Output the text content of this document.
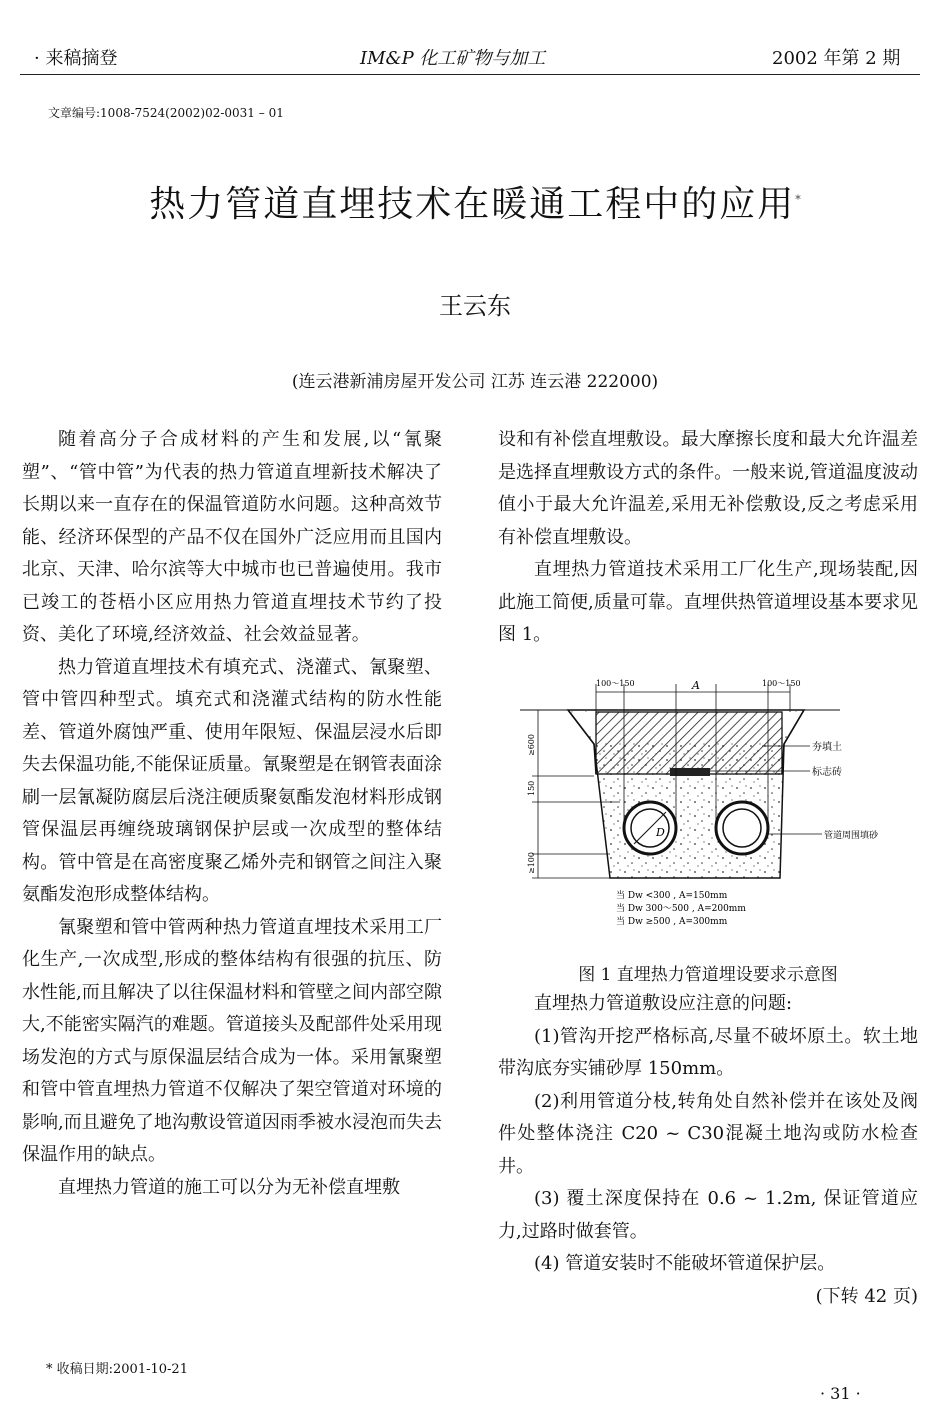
· 来稿摘登	IM&P 化工矿物与加工	2002 年第 2 期
文章编号:1008-7524(2002)02-0031 – 01
热力管道直埋技术在暖通工程中的应用*
王云东
(连云港新浦房屋开发公司 江苏 连云港 222000)

随着高分子合成材料的产生和发展,以“氰聚塑”、“管中管”为代表的热力管道直埋新技术解决了长期以来一直存在的保温管道防水问题。这种高效节能、经济环保型的产品不仅在国外广泛应用而且国内北京、天津、哈尔滨等大中城市也已普遍使用。我市已竣工的苍梧小区应用热力管道直埋技术节约了投资、美化了环境,经济效益、社会效益显著。

热力管道直埋技术有填充式、浇灌式、氰聚塑、管中管四种型式。填充式和浇灌式结构的防水性能差、管道外腐蚀严重、使用年限短、保温层浸水后即失去保温功能,不能保证质量。氰聚塑是在钢管表面涂刷一层氰凝防腐层后浇注硬质聚氨酯发泡材料形成钢管保温层再缠绕玻璃钢保护层或一次成型的整体结构。管中管是在高密度聚乙烯外壳和钢管之间注入聚氨酯发泡形成整体结构。

氰聚塑和管中管两种热力管道直埋技术采用工厂化生产,一次成型,形成的整体结构有很强的抗压、防水性能,而且解决了以往保温材料和管壁之间内部空隙大,不能密实隔汽的难题。管道接头及配部件处采用现场发泡的方式与原保温层结合成为一体。采用氰聚塑和管中管直埋热力管道不仅解决了架空管道对环境的影响,而且避免了地沟敷设管道因雨季被水浸泡而失去保温作用的缺点。

直埋热力管道的施工可以分为无补偿直埋敷

设和有补偿直埋敷设。最大摩擦长度和最大允许温差是选择直埋敷设方式的条件。一般来说,管道温度波动值小于最大允许温差,采用无补偿敷设,反之考虑采用有补偿直埋敷设。

直埋热力管道技术采用工厂化生产,现场装配,因此施工简便,质量可靠。直埋供热管道埋设基本要求见图 1。

D
100～150	A	100～150
≥600
150
≥100
夯填土
标志砖
管道周围填砂
当 Dw <300 , A=150mm
当 Dw 300～500 , A=200mm
当 Dw ≥500 , A=300mm
图 1 直埋热力管道埋设要求示意图

直埋热力管道敷设应注意的问题:

(1)管沟开挖严格标高,尽量不破坏原土。软土地带沟底夯实铺砂厚 150mm。

(2)利用管道分枝,转角处自然补偿并在该处及阀件处整体浇注 C20 ~ C30混凝土地沟或防水检查井。

(3) 覆土深度保持在 0.6 ~ 1.2m, 保证管道应力,过路时做套管。

(4) 管道安装时不能破坏管道保护层。

(下转 42 页)

* 收稿日期:2001-10-21
· 31 ·
